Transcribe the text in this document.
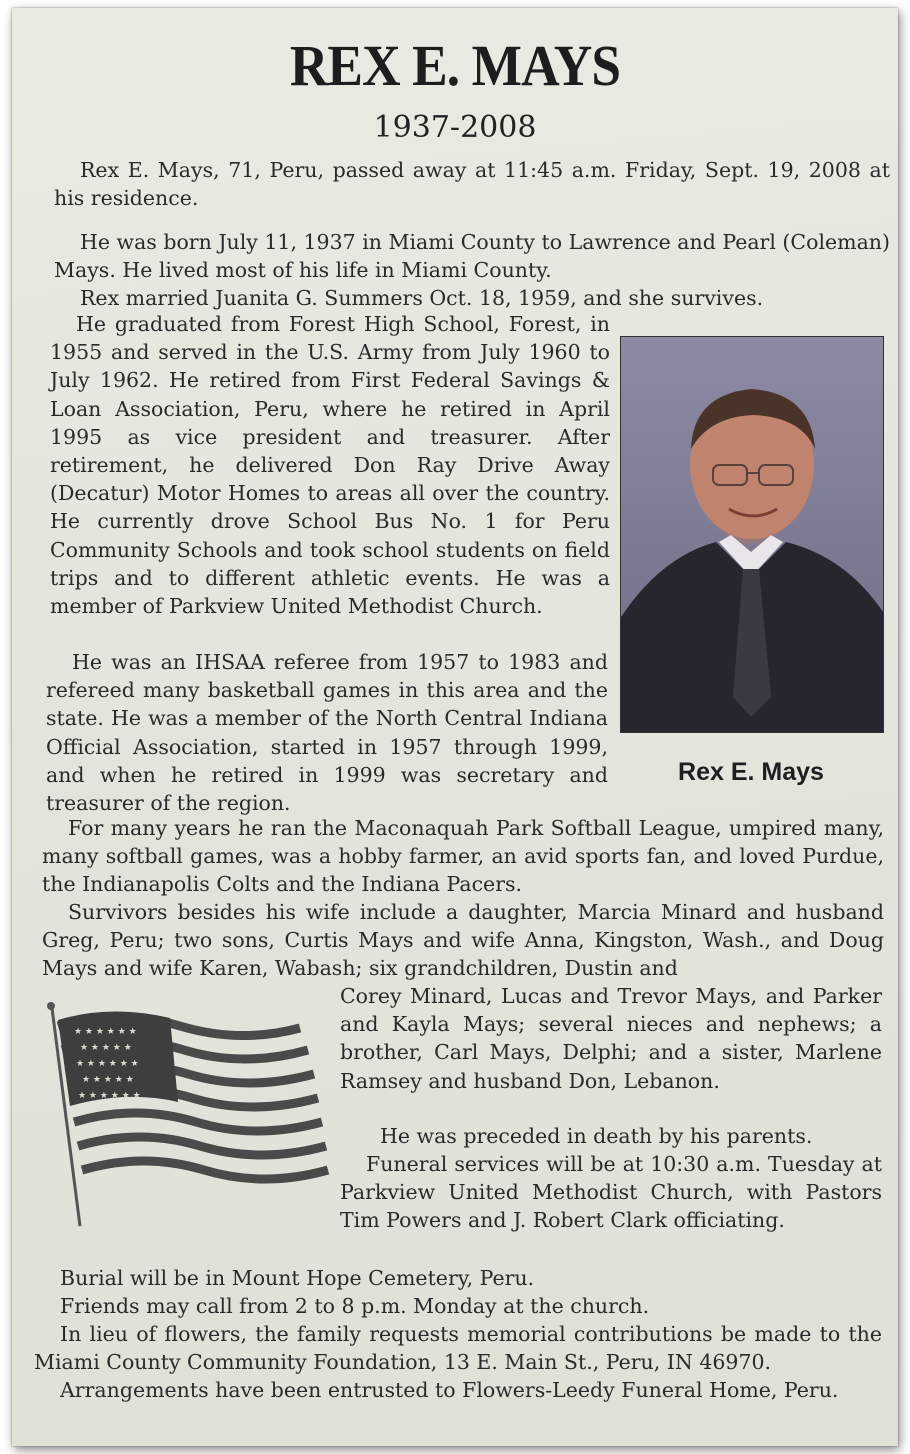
REX E. MAYS
1937-2008

Rex E. Mays, 71, Peru, passed away at 11:45 a.m. Friday, Sept. 19, 2008 at his residence.

He was born July 11, 1937 in Miami County to Lawrence and Pearl (Coleman) Mays. He lived most of his life in Miami County.

Rex married Juanita G. Summers Oct. 18, 1959, and she survives.

He graduated from Forest High School, Forest, in 1955 and served in the U.S. Army from July 1960 to July 1962. He retired from First Federal Savings & Loan Association, Peru, where he retired in April 1995 as vice president and treasurer. After retirement, he delivered Don Ray Drive Away (Decatur) Motor Homes to areas all over the country. He currently drove School Bus No. 1 for Peru Community Schools and took school students on field trips and to different athletic events. He was a member of Parkview United Methodist Church.

He was an IHSAA referee from 1957 to 1983 and refereed many basketball games in this area and the state. He was a member of the North Central Indiana Official Association, started in 1957 through 1999, and when he retired in 1999 was secretary and treasurer of the region.

Rex E. Mays

For many years he ran the Maconaquah Park Softball League, umpired many, many softball games, was a hobby farmer, an avid sports fan, and loved Purdue, the Indianapolis Colts and the Indiana Pacers.

Survivors besides his wife include a daughter, Marcia Minard and husband Greg, Peru; two sons, Curtis Mays and wife Anna, Kingston, Wash., and Doug Mays and wife Karen, Wabash; six grandchildren, Dustin and

★ ★ ★ ★ ★ ★
★ ★ ★ ★ ★
★ ★ ★ ★ ★ ★
★ ★ ★ ★ ★
★ ★ ★ ★ ★ ★

Corey Minard, Lucas and Trevor Mays, and Parker and Kayla Mays; several nieces and nephews; a brother, Carl Mays, Delphi; and a sister, Marlene Ramsey and husband Don, Lebanon.

He was preceded in death by his parents.

Funeral services will be at 10:30 a.m. Tuesday at Parkview United Methodist Church, with Pastors Tim Powers and J. Robert Clark officiating.

Burial will be in Mount Hope Cemetery, Peru.

Friends may call from 2 to 8 p.m. Monday at the church.

In lieu of flowers, the family requests memorial contributions be made to the Miami County Community Foundation, 13 E. Main St., Peru, IN 46970.

Arrangements have been entrusted to Flowers-Leedy Funeral Home, Peru.
